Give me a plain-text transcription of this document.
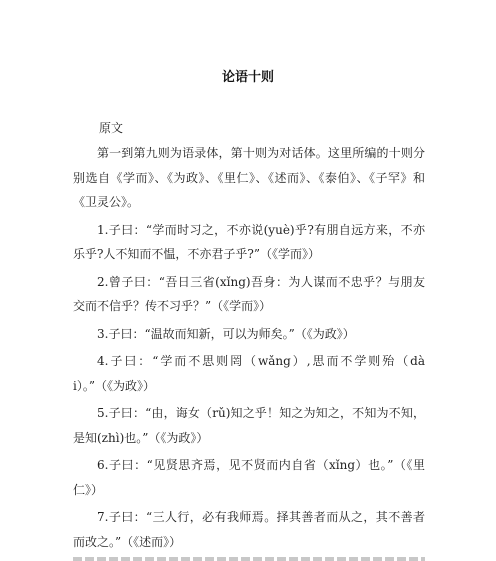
论语十则
原文

第一到第九则为语录体，第十则为对话体。这里所编的十则分别选自《学而》、《为政》、《里仁》、《述而》、《泰伯》、《子罕》和《卫灵公》。

1.子曰：“学而时习之，不亦说(yuè)乎?有朋自远方来，不亦乐乎?人不知而不愠，不亦君子乎?”（《学而》）

2.曾子曰：“吾日三省(xǐng)吾身：为人谋而不忠乎？与朋友交而不信乎？传不习乎？”（《学而》）

3.子曰：“温故而知新，可以为师矣。”（《为政》）

4.子曰：“学而不思则罔（wǎng）,思而不学则殆（dài）。”（《为政》）

5.子曰：“由，诲女（rǔ)知之乎！知之为知之，不知为不知，是知(zhì)也。”（《为政》）

6.子曰：“见贤思齐焉，见不贤而内自省（xǐng）也。”（《里仁》）

7.子曰：“三人行，必有我师焉。择其善者而从之，其不善者而改之。”（《述而》）
